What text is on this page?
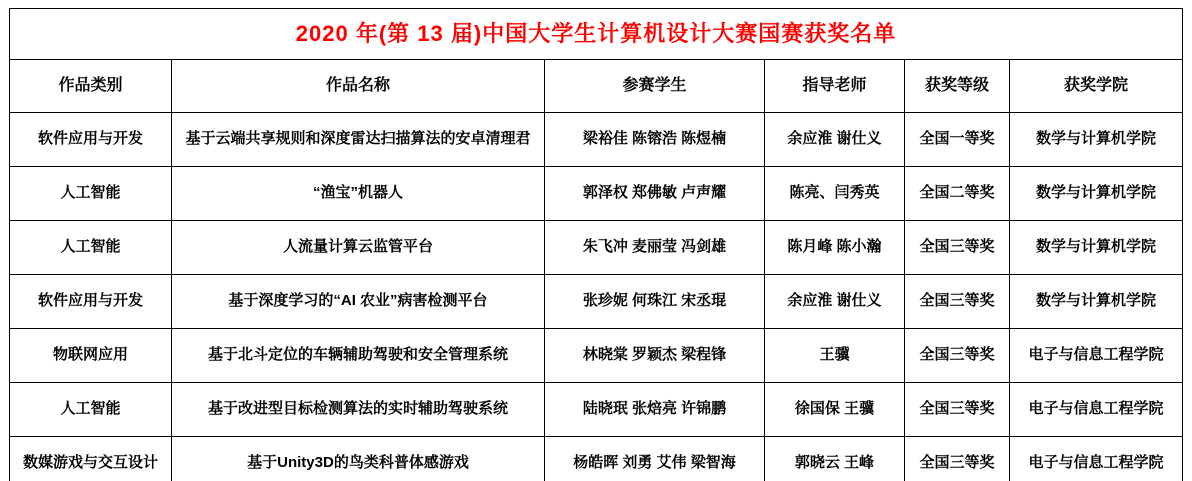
2020 年(第 13 届)中国大学生计算机设计大赛国赛获奖名单					
作品类别	作品名称	参赛学生	指导老师	获奖等级	获奖学院
软件应用与开发	基于云端共享规则和深度雷达扫描算法的安卓清理君	梁裕佳 陈镕浩 陈煜楠	余应淮 谢仕义	全国一等奖	数学与计算机学院
人工智能	“渔宝”机器人	郭泽权 郑佛敏 卢声耀	陈亮、闫秀英	全国二等奖	数学与计算机学院
人工智能	人流量计算云监管平台	朱飞冲 麦丽莹 冯剑雄	陈月峰 陈小瀚	全国三等奖	数学与计算机学院
软件应用与开发	基于深度学习的“AI 农业”病害检测平台	张珍妮 何珠江 宋丞琨	余应淮 谢仕义	全国三等奖	数学与计算机学院
物联网应用	基于北斗定位的车辆辅助驾驶和安全管理系统	林晓棠 罗颖杰 梁程锋	王骥	全国三等奖	电子与信息工程学院
人工智能	基于改进型目标检测算法的实时辅助驾驶系统	陆晓珉 张焙亮 许锦鹏	徐国保 王骥	全国三等奖	电子与信息工程学院
数媒游戏与交互设计	基于Unity3D的鸟类科普体感游戏	杨皓晖 刘勇 艾伟 梁智海	郭晓云 王峰	全国三等奖	电子与信息工程学院
